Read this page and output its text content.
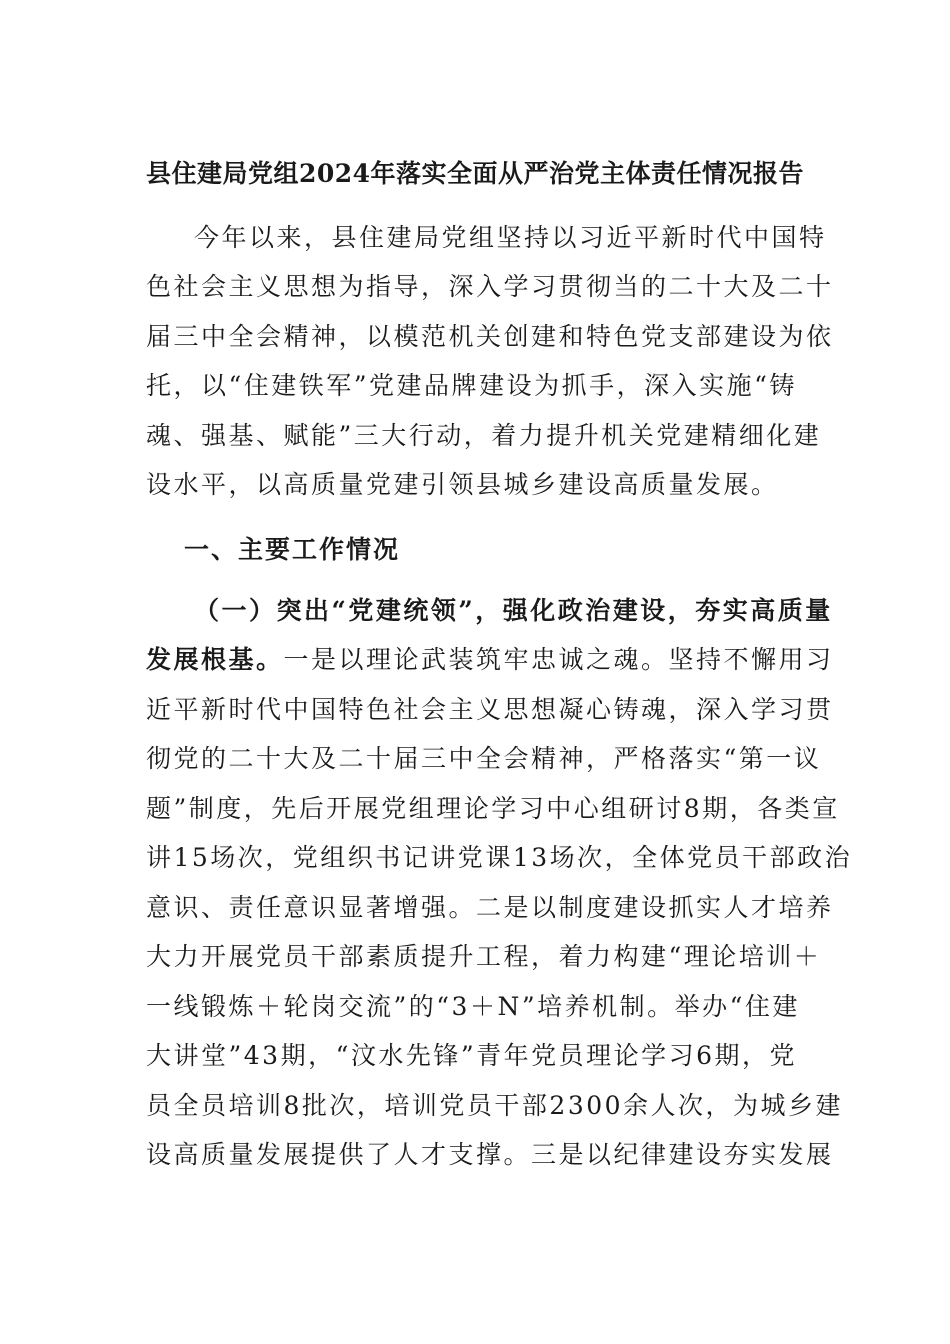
县住建局党组2024年落实全面从严治党主体责任情况报告
今年以来，县住建局党组坚持以习近平新时代中国特
色社会主义思想为指导，深入学习贯彻当的二十大及二十
届三中全会精神，以模范机关创建和特色党支部建设为依
托，以“住建铁军”党建品牌建设为抓手，深入实施“铸
魂、强基、赋能”三大行动，着力提升机关党建精细化建
设水平，以高质量党建引领县城乡建设高质量发展。
一、主要工作情况
（一）突出“党建统领”，强化政治建设，夯实高质量
发展根基。一是以理论武装筑牢忠诚之魂。坚持不懈用习
近平新时代中国特色社会主义思想凝心铸魂，深入学习贯
彻党的二十大及二十届三中全会精神，严格落实“第一议
题”制度，先后开展党组理论学习中心组研讨8期，各类宣
讲15场次，党组织书记讲党课13场次，全体党员干部政治
意识、责任意识显著增强。二是以制度建设抓实人才培养
大力开展党员干部素质提升工程，着力构建“理论培训＋
一线锻炼＋轮岗交流”的“3＋N”培养机制。举办“住建
大讲堂”43期，“汶水先锋”青年党员理论学习6期，党
员全员培训8批次，培训党员干部2300余人次，为城乡建
设高质量发展提供了人才支撑。三是以纪律建设夯实发展
